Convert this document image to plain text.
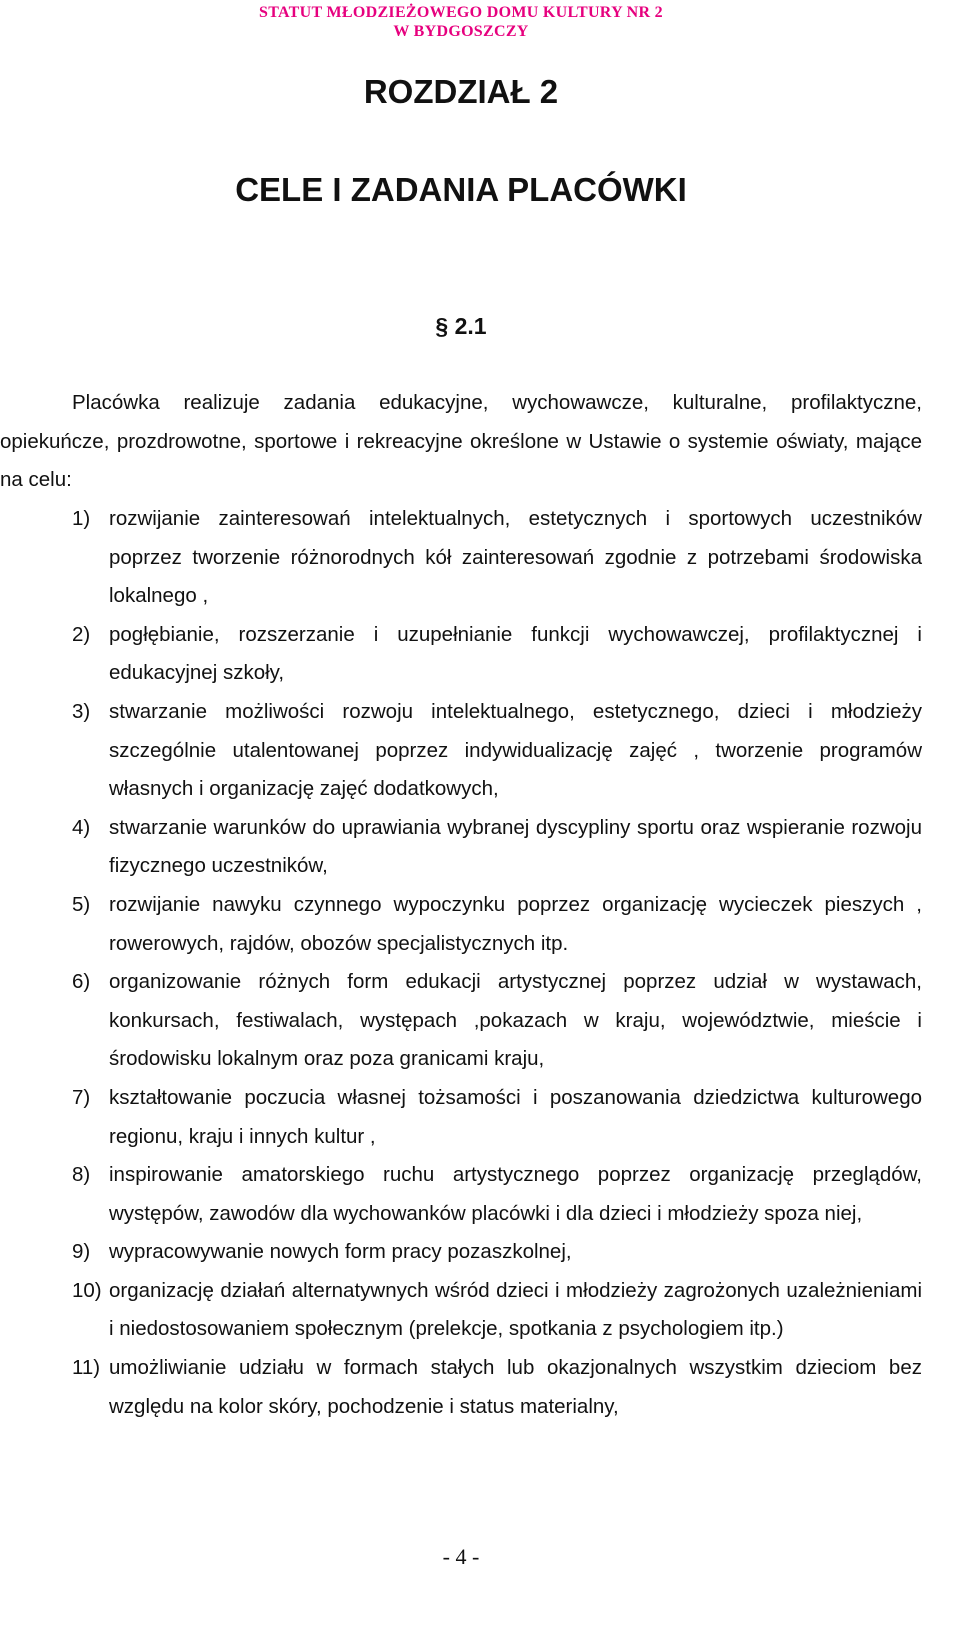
STATUT MŁODZIEŻOWEGO DOMU KULTURY NR 2
W BYDGOSZCZY
ROZDZIAŁ 2
CELE I ZADANIA PLACÓWKI
§ 2.1

Placówka realizuje zadania edukacyjne, wychowawcze, kulturalne, profilaktyczne, opiekuńcze, prozdrowotne, sportowe i rekreacyjne określone w Ustawie o systemie oświaty, mające na celu:

1) rozwijanie zainteresowań intelektualnych, estetycznych i sportowych uczestników poprzez tworzenie różnorodnych kół zainteresowań zgodnie z potrzebami środowiska lokalnego ,
2) pogłębianie, rozszerzanie i uzupełnianie funkcji wychowawczej, profilaktycznej i edukacyjnej szkoły,
3) stwarzanie możliwości rozwoju intelektualnego, estetycznego, dzieci i młodzieży szczególnie utalentowanej poprzez indywidualizację zajęć , tworzenie programów własnych i organizację zajęć dodatkowych,
4) stwarzanie warunków do uprawiania wybranej dyscypliny sportu oraz wspieranie rozwoju fizycznego uczestników,
5) rozwijanie nawyku czynnego wypoczynku poprzez organizację wycieczek pieszych , rowerowych, rajdów, obozów specjalistycznych itp.
6) organizowanie różnych form edukacji artystycznej poprzez udział w wystawach, konkursach, festiwalach, występach ,pokazach w kraju, województwie, mieście i środowisku lokalnym oraz poza granicami kraju,
7) kształtowanie poczucia własnej tożsamości i poszanowania dziedzictwa kulturowego regionu, kraju i innych kultur ,
8) inspirowanie amatorskiego ruchu artystycznego poprzez organizację przeglądów, występów, zawodów dla wychowanków placówki i dla dzieci i młodzieży spoza niej,
9) wypracowywanie nowych form pracy pozaszkolnej,
10) organizację działań alternatywnych wśród dzieci i młodzieży zagrożonych uzależnieniami i niedostosowaniem społecznym (prelekcje, spotkania z psychologiem itp.)
11) umożliwianie udziału w formach stałych lub okazjonalnych wszystkim dzieciom bez względu na kolor skóry, pochodzenie i status materialny,
- 4 -
